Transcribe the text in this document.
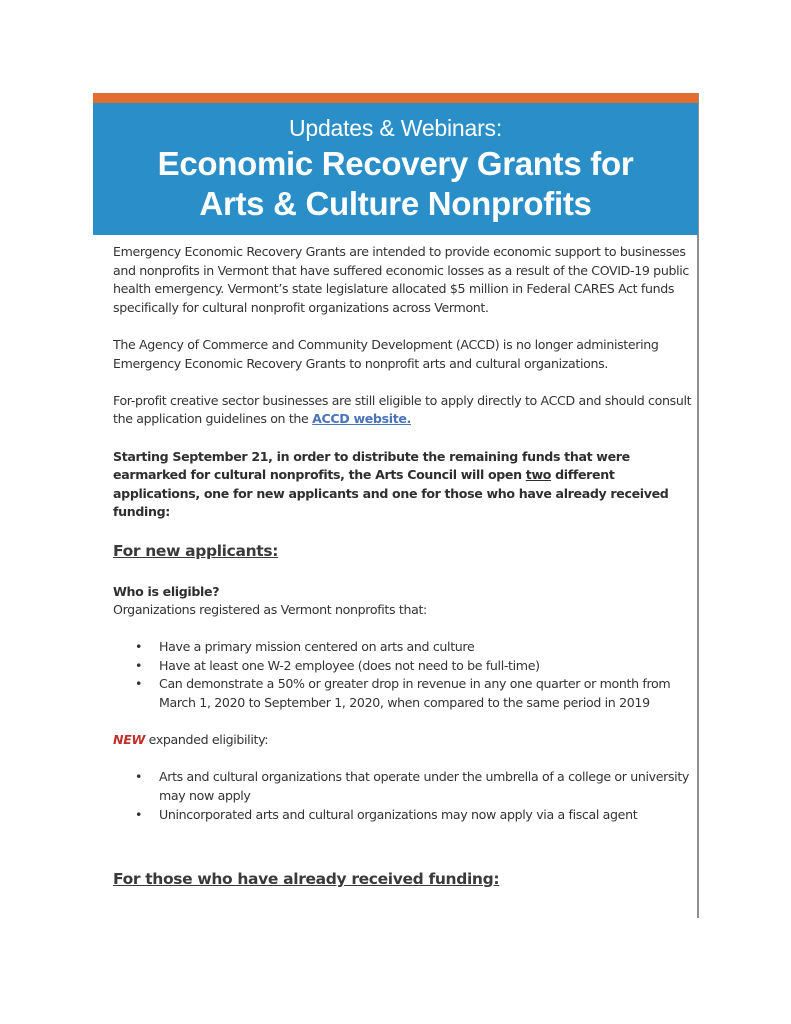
Updates & Webinars:
Economic Recovery Grants for
Arts & Culture Nonprofits

Emergency Economic Recovery Grants are intended to provide economic support to businesses and nonprofits in Vermont that have suffered economic losses as a result of the COVID-19 public health emergency. Vermont’s state legislature allocated $5 million in Federal CARES Act funds specifically for cultural nonprofit organizations across Vermont.

The Agency of Commerce and Community Development (ACCD) is no longer administering Emergency Economic Recovery Grants to nonprofit arts and cultural organizations.

For-profit creative sector businesses are still eligible to apply directly to ACCD and should consult the application guidelines on the ACCD website.

Starting September 21, in order to distribute the remaining funds that were earmarked for cultural nonprofits, the Arts Council will open two different applications, one for new applicants and one for those who have already received funding:

For new applicants:
Who is eligible?

Organizations registered as Vermont nonprofits that:

• Have a primary mission centered on arts and culture
• Have at least one W-2 employee (does not need to be full-time)
• Can demonstrate a 50% or greater drop in revenue in any one quarter or month from March 1, 2020 to September 1, 2020, when compared to the same period in 2019

NEW expanded eligibility:

• Arts and cultural organizations that operate under the umbrella of a college or university may now apply
• Unincorporated arts and cultural organizations may now apply via a fiscal agent
For those who have already received funding:
